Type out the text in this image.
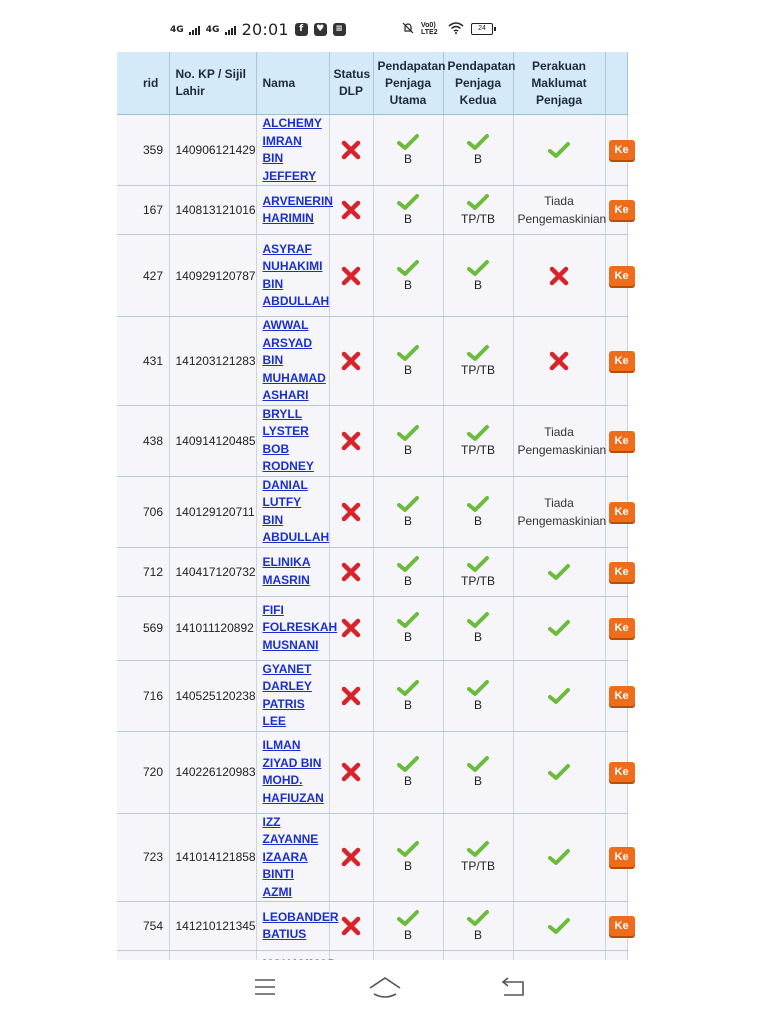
4G	4G	20:01	f	♥	≡	Vo0) LTE2
24
rid	No. KP / Sijil Lahir	Nama	Status DLP	Pendapatan Penjaga Utama	Pendapatan Penjaga Kedua	Perakuan Maklumat Penjaga	
359	140906121429	ALCHEMY IMRAN BIN JEFFERY		B	B		Ke
167	140813121016	ARVENERIN HARIMIN		B	TP/TB	Tiada Pengemaskinian	Ke
427	140929120787	ASYRAF NUHAKIMI BIN ABDULLAH		B	B		Ke
431	141203121283	AWWAL ARSYAD BIN MUHAMAD ASHARI		B	TP/TB		Ke
438	140914120485	BRYLL LYSTER BOB RODNEY		B	TP/TB	Tiada Pengemaskinian	Ke
706	140129120711	DANIAL LUTFY BIN ABDULLAH		B	B	Tiada Pengemaskinian	Ke
712	140417120732	ELINIKA MASRIN		B	TP/TB		Ke
569	141011120892	FIFI FOLRESKAH MUSNANI		B	B		Ke
716	140525120238	GYANET DARLEY PATRIS LEE		B	B		Ke
720	140226120983	ILMAN ZIYAD BIN MOHD. HAFIUZAN		B	B		Ke
723	141014121858	IZZ ZAYANNE IZAARA BINTI AZMI		B	TP/TB		Ke
754	141210121345	LEOBANDER BATIUS		B	B		Ke
